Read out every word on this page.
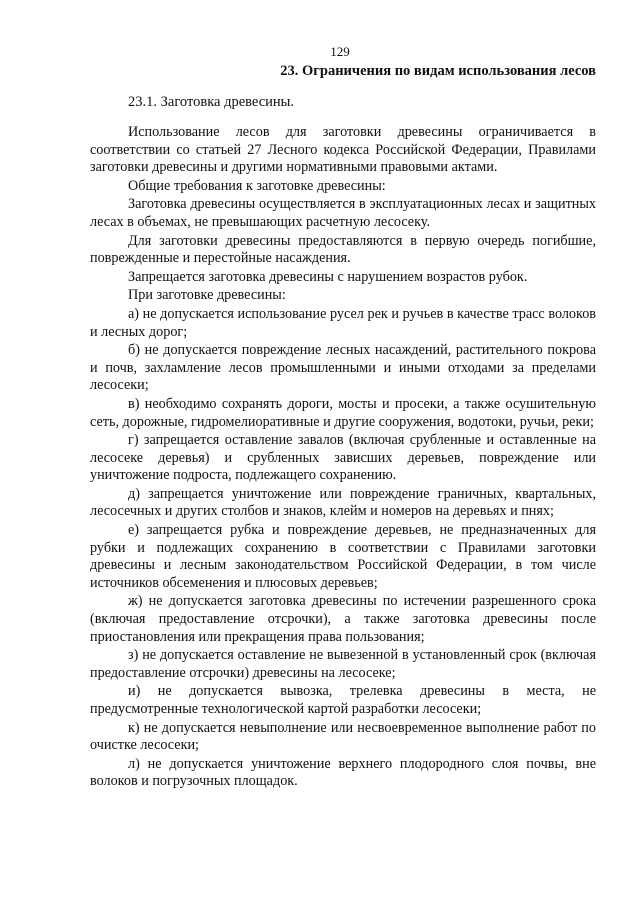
129
23. Ограничения по видам использования лесов
23.1. Заготовка древесины.

Использование лесов для заготовки древесины ограничивается в соответствии со статьей 27 Лесного кодекса Российской Федерации, Правилами заготовки древесины и другими нормативными правовыми актами.

Общие требования к заготовке древесины:

Заготовка древесины осуществляется в эксплуатационных лесах и защитных лесах в объемах, не превышающих расчетную лесосеку.

Для заготовки древесины предоставляются в первую очередь погибшие, поврежденные и перестойные насаждения.

Запрещается заготовка древесины с нарушением возрастов рубок.

При заготовке древесины:

а) не допускается использование русел рек и ручьев в качестве трасс волоков и лесных дорог;

б) не допускается повреждение лесных насаждений, растительного покрова и почв, захламление лесов промышленными и иными отходами за пределами лесосеки;

в) необходимо сохранять дороги, мосты и просеки, а также осушительную сеть, дорожные, гидромелиоративные и другие сооружения, водотоки, ручьи, реки;

г) запрещается оставление завалов (включая срубленные и оставленные на лесосеке деревья) и срубленных зависших деревьев, повреждение или уничтожение подроста, подлежащего сохранению.

д) запрещается уничтожение или повреждение граничных, квартальных, лесосечных и других столбов и знаков, клейм и номеров на деревьях и пнях;

е) запрещается рубка и повреждение деревьев, не предназначенных для рубки и подлежащих сохранению в соответствии с Правилами заготовки древесины и лесным законодательством Российской Федерации, в том числе источников обсеменения и плюсовых деревьев;

ж) не допускается заготовка древесины по истечении разрешенного срока (включая предоставление отсрочки), а также заготовка древесины после приостановления или прекращения права пользования;

з) не допускается оставление не вывезенной в установленный срок (включая предоставление отсрочки) древесины на лесосеке;

и) не допускается вывозка, трелевка древесины в места, не предусмотренные технологической картой разработки лесосеки;

к) не допускается невыполнение или несвоевременное выполнение работ по очистке лесосеки;

л) не допускается уничтожение верхнего плодородного слоя почвы, вне волоков и погрузочных площадок.
